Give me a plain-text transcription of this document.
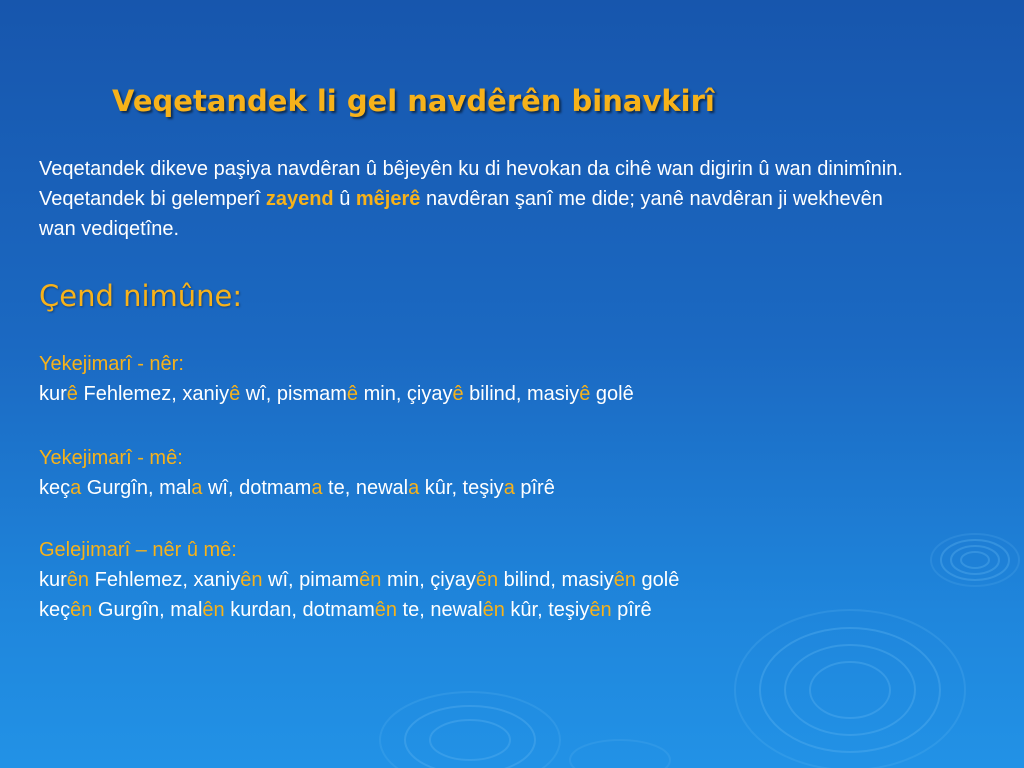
Veqetandek li gel navdêrên binavkirî

Veqetandek dikeve paşiya navdêran û bêjeyên ku di hevokan da cihê wan digirin û wan dinimînin. Veqetandek bi gelemperî zayend û mêjerê navdêran şanî me dide; yanê navdêran ji wekhevên wan vediqetîne.

Çend nimûne:
Yekejimarî - nêr:
kurê Fehlemez, xaniyê wî, pismamê min, çiyayê bilind, masiyê golê
Yekejimarî - mê:
keça Gurgîn, mala wî, dotmama te, newala kûr, teşiya pîrê
Gelejimarî – nêr û mê:
kurên Fehlemez, xaniyên wî, pimamên min, çiyayên bilind, masiyên golê
keçên Gurgîn, malên kurdan, dotmamên te, newalên kûr, teşiyên pîrê
